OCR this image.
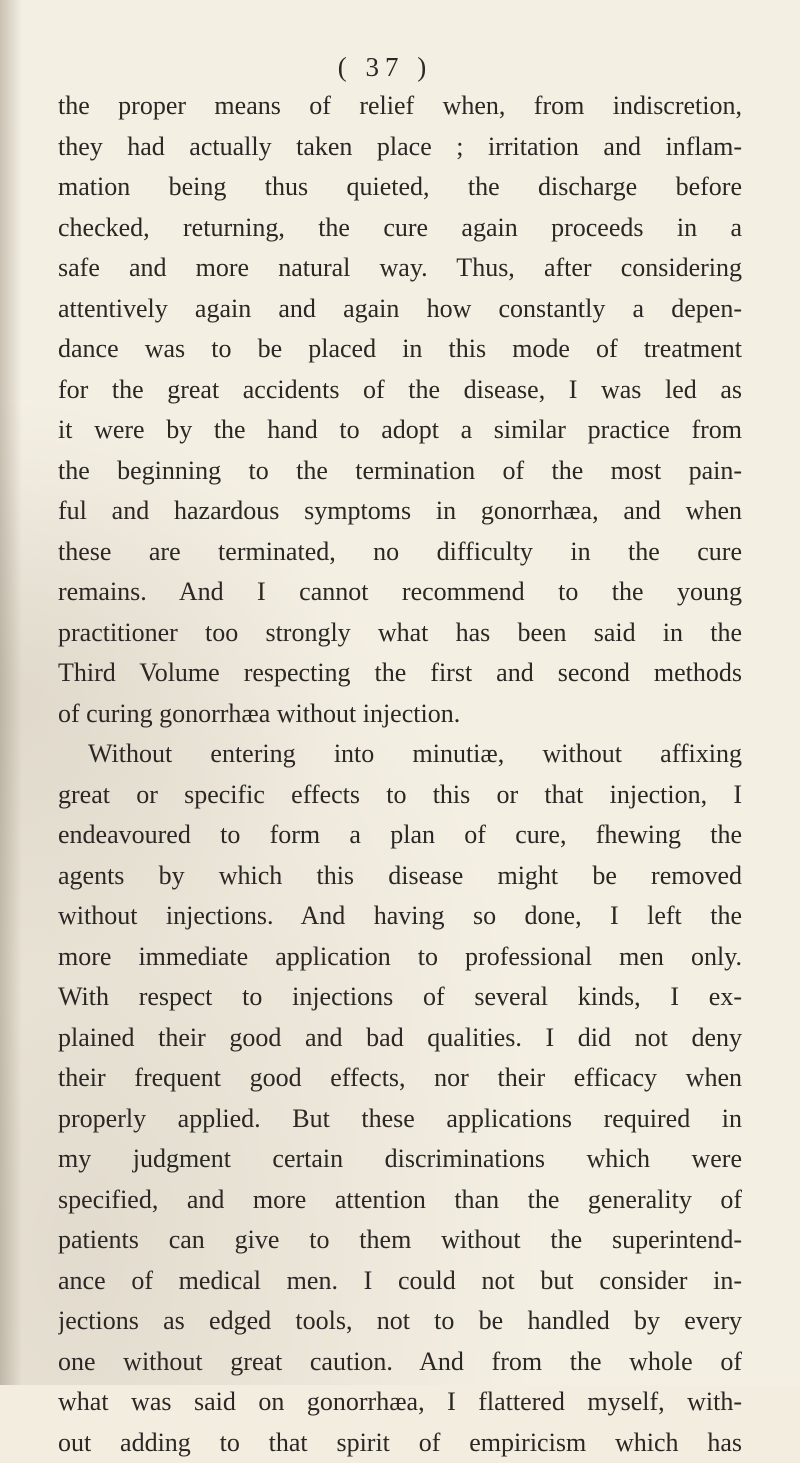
( 37 )
the proper means of relief when, from indiscretion,
they had actually taken place ; irritation and inflam-
mation being thus quieted, the discharge before
checked, returning, the cure again proceeds in a
safe and more natural way. Thus, after considering
attentively again and again how constantly a depen-
dance was to be placed in this mode of treatment
for the great accidents of the disease, I was led as
it were by the hand to adopt a similar practice from
the beginning to the termination of the most pain-
ful and hazardous symptoms in gonorrhæa, and when
these are terminated, no difficulty in the cure
remains. And I cannot recommend to the young
practitioner too strongly what has been said in the
Third Volume respecting the first and second methods
of curing gonorrhæa without injection.
Without entering into minutiæ, without affixing
great or specific effects to this or that injection, I
endeavoured to form a plan of cure, fhewing the
agents by which this disease might be removed
without injections. And having so done, I left the
more immediate application to professional men only.
With respect to injections of several kinds, I ex-
plained their good and bad qualities. I did not deny
their frequent good effects, nor their efficacy when
properly applied. But these applications required in
my judgment certain discriminations which were
specified, and more attention than the generality of
patients can give to them without the superintend-
ance of medical men. I could not but consider in-
jections as edged tools, not to be handled by every
one without great caution. And from the whole of
what was said on gonorrhæa, I flattered myself, with-
out adding to that spirit of empiricism which has
